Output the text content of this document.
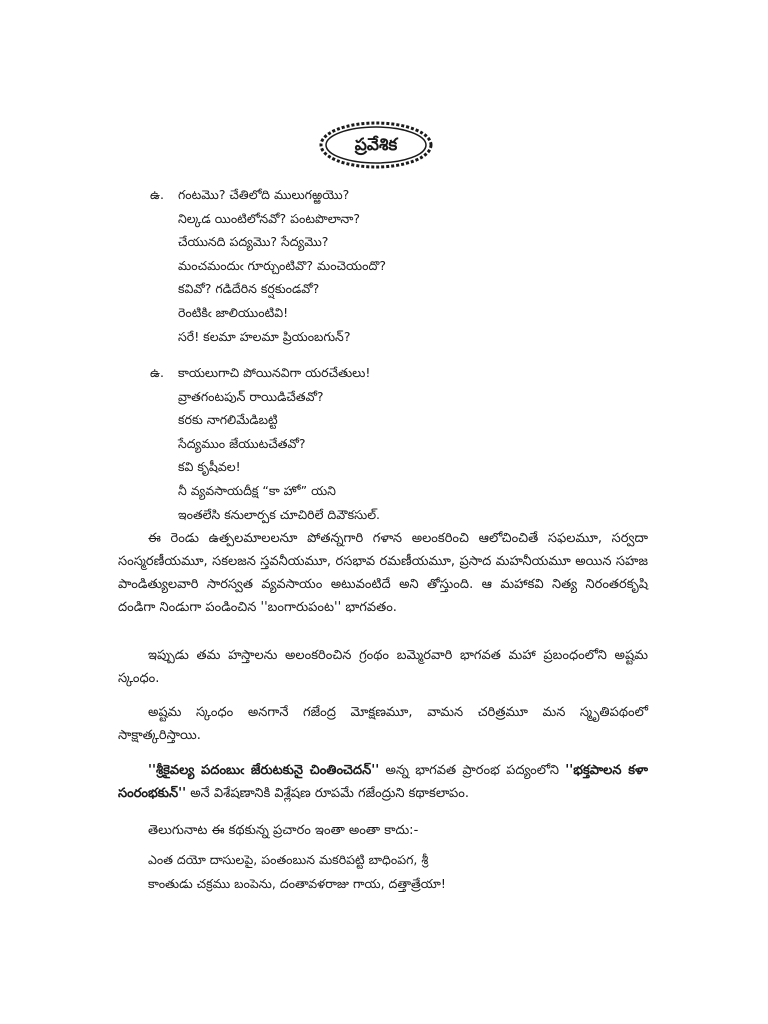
ప్రవేశిక
ఉ.	గంటమొ? చేతిలోది ములుగఱ్ఱయొ?
నిల్కడ యింటిలోనవో? పంటపొలానా?
చేయునది పద్యమొ? సేద్యమొ?
మంచమందుఁ గూర్చుంటివొ? మంచెయందొ?
కవివో? గడిదేరిన కర్షకుండవో?
రెంటికిఁ జాలియుంటివి!
సరే! కలమా హలమా ప్రియంబగున్?
ఉ.	కాయలుగాచి పోయినవిగా యరచేతులు!
వ్రాతగంటపున్ రాయిడిచేతవో?
కరకు నాగలిమేడిబట్టి
సేద్యముం జేయుటచేతవో?
కవి కృషీవల!
నీ వ్యవసాయదీక్ష “కా హో” యని
ఇంతలేసి కనులార్పక చూచిరిలే దివౌకసుల్.

ఈ రెండు ఉత్పలమాలలనూ పోతన్నగారి గళాన అలంకరించి ఆలోచించితే సఫలమూ, సర్వదా సంస్మరణీయమూ, సకలజన స్తవనీయమూ, రసభావ రమణీయమూ, ప్రసాద మహనీయమూ అయిన సహజ పాండిత్యులవారి సారస్వత వ్యవసాయం అటువంటిదే అని తోస్తుంది. ఆ మహాకవి నిత్య నిరంతరకృషి దండిగా నిండుగా పండించిన ''బంగారుపంట'' భాగవతం.

ఇప్పుడు తమ హస్తాలను అలంకరించిన గ్రంథం బమ్మెరవారి భాగవత మహా ప్రబంధంలోని అష్టమ స్కంధం.

అష్టమ స్కంధం అనగానే గజేంద్ర మోక్షణమూ, వామన చరిత్రమూ మన స్మృతిపథంలో సాక్షాత్కరిస్తాయి.

''శ్రీకైవల్య పదంబుఁ జేరుటకునై చింతించెదన్'' అన్న భాగవత ప్రారంభ పద్యంలోని ''భక్తపాలన కళా సంరంభకున్'' అనే విశేషణానికి విశ్లేషణ రూపమే గజేంద్రుని కథాకలాపం.

తెలుగునాట ఈ కథకున్న ప్రచారం ఇంతా అంతా కాదు:-

ఎంత దయో దాసులపై, పంతంబున మకరిపట్టి బాధింపగ, శ్రీ
కాంతుడు చక్రము బంపెను, దంతావళరాజు గాయ, దత్తాత్రేయా!
